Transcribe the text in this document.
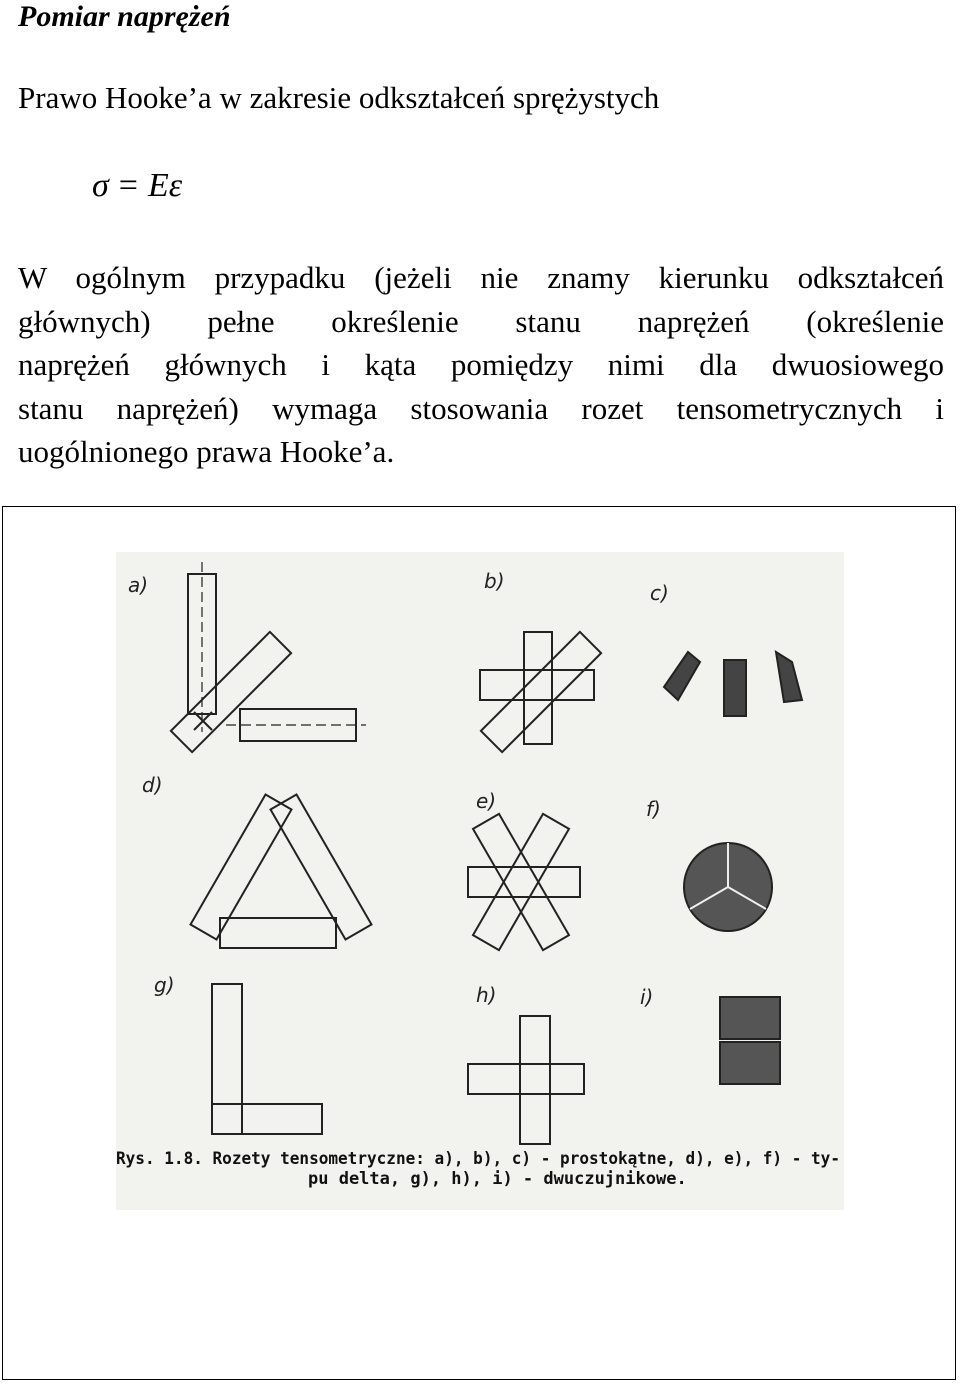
Pomiar naprężeń
Prawo Hooke’a w zakresie odkształceń sprężystych
σ = Eε
W ogólnym przypadku (jeżeli nie znamy kierunku odkształceń
głównych) pełne określenie stanu naprężeń (określenie
naprężeń głównych i kąta pomiędzy nimi dla dwuosiowego
stanu naprężeń) wymaga stosowania rozet tensometrycznych i
uogólnionego prawa Hooke’a.
a)	b)	c)
d)
e)	f)
g)	h)	i)
Rys. 1.8. Rozety tensometryczne: a), b), c) - prostokątne, d), e), f) - ty-
pu delta, g), h), i) - dwuczujnikowe.
